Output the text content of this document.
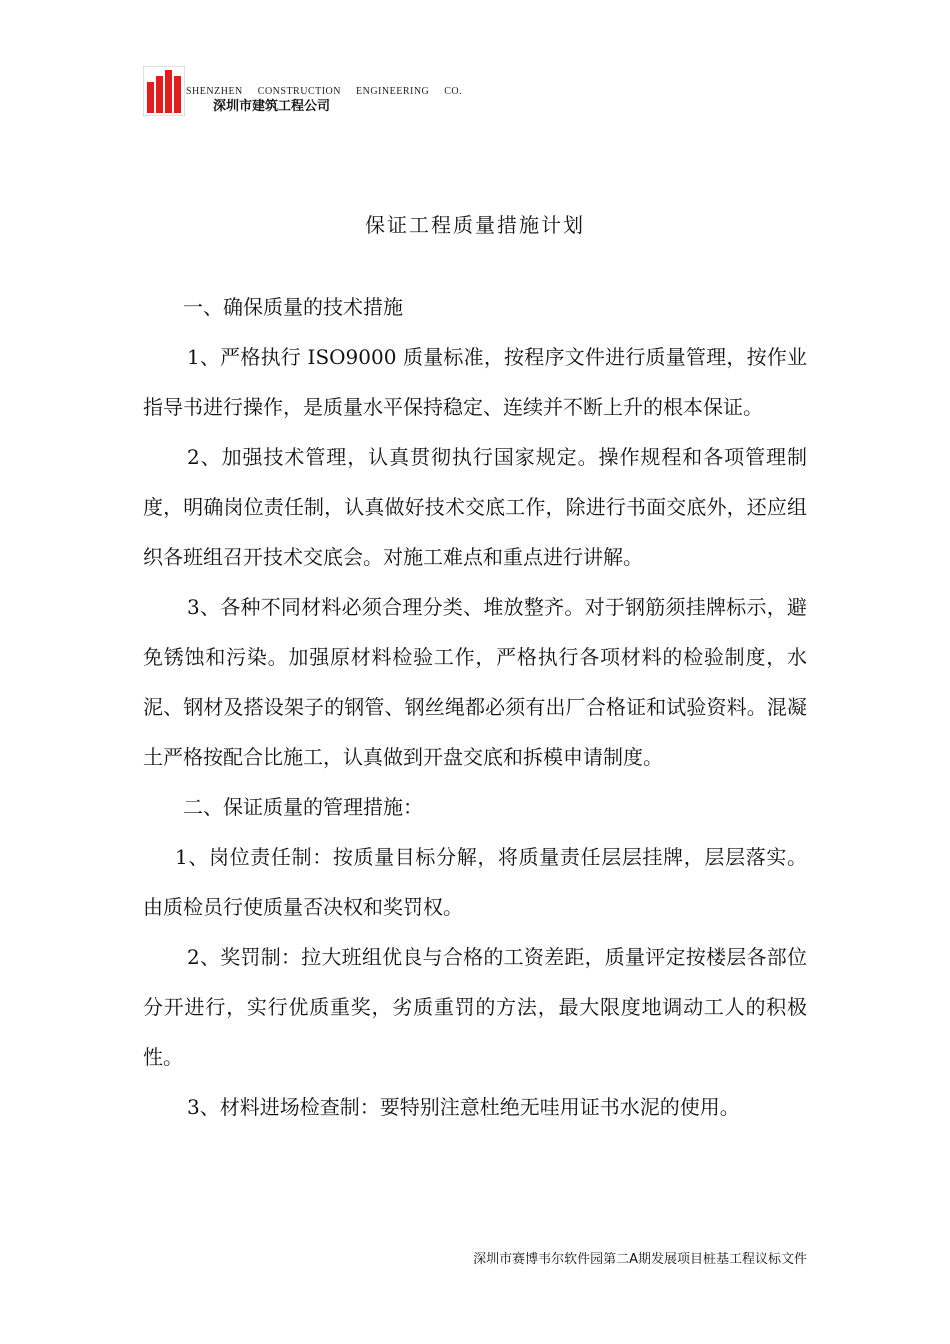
SHENZHEN CONSTRUCTION ENGINEERING CO.
深圳市建筑工程公司
保证工程质量措施计划

一、确保质量的技术措施

1、严格执行 ISO9000 质量标准，按程序文件进行质量管理，按作业指导书进行操作，是质量水平保持稳定、连续并不断上升的根本保证。

2、加强技术管理，认真贯彻执行国家规定。操作规程和各项管理制度，明确岗位责任制，认真做好技术交底工作，除进行书面交底外，还应组织各班组召开技术交底会。对施工难点和重点进行讲解。

3、各种不同材料必须合理分类、堆放整齐。对于钢筋须挂牌标示，避免锈蚀和污染。加强原材料检验工作，严格执行各项材料的检验制度，水泥、钢材及搭设架子的钢管、钢丝绳都必须有出厂合格证和试验资料。混凝土严格按配合比施工，认真做到开盘交底和拆模申请制度。

二、保证质量的管理措施：

1、岗位责任制：按质量目标分解，将质量责任层层挂牌，层层落实。由质检员行使质量否决权和奖罚权。

2、奖罚制：拉大班组优良与合格的工资差距，质量评定按楼层各部位分开进行，实行优质重奖，劣质重罚的方法，最大限度地调动工人的积极性。

3、材料进场检查制：要特别注意杜绝无哇用证书水泥的使用。

深圳市赛博韦尔软件园第二A期发展项目桩基工程议标文件
